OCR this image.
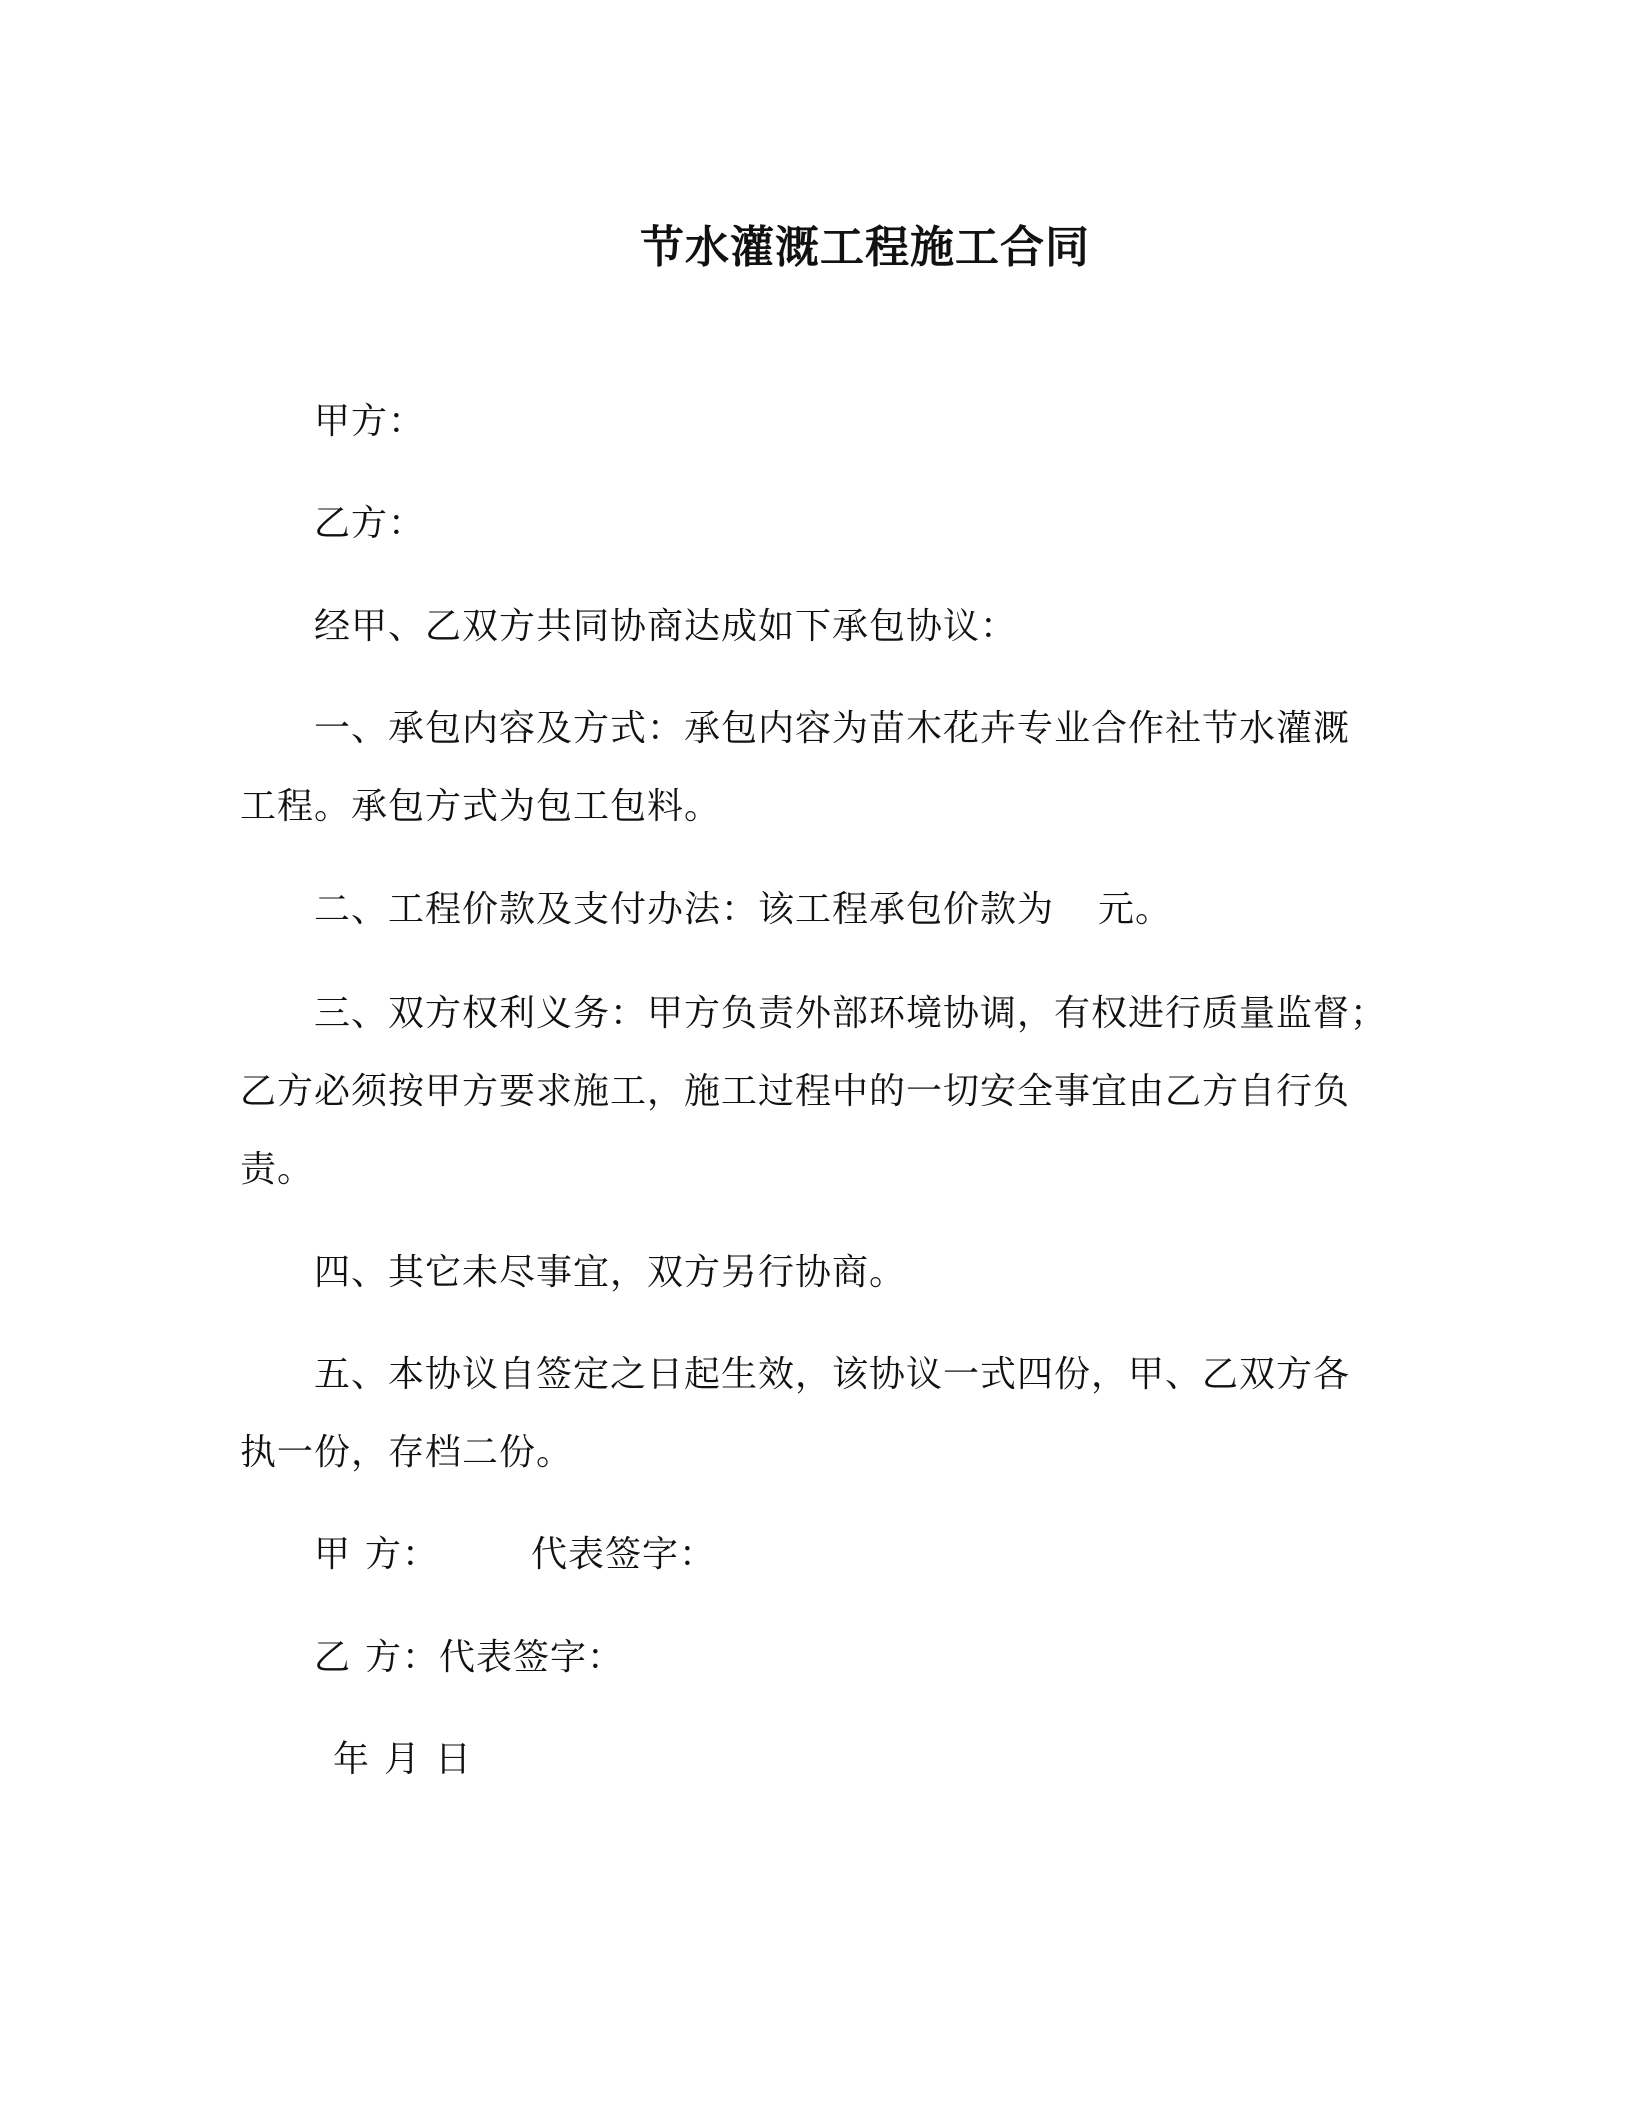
节水灌溉工程施工合同
甲方：
乙方：
经甲、乙双方共同协商达成如下承包协议：
一、承包内容及方式：承包内容为苗木花卉专业合作社节水灌溉
工程。承包方式为包工包料。
二、工程价款及支付办法：该工程承包价款为 元。
三、双方权利义务：甲方负责外部环境协调，有权进行质量监督；
乙方必须按甲方要求施工，施工过程中的一切安全事宜由乙方自行负
责。
四、其它未尽事宜，双方另行协商。
五、本协议自签定之日起生效，该协议一式四份，甲、乙双方各
执一份，存档二份。
甲 方：	代表签字：
乙 方：代表签字：
年 月 日
